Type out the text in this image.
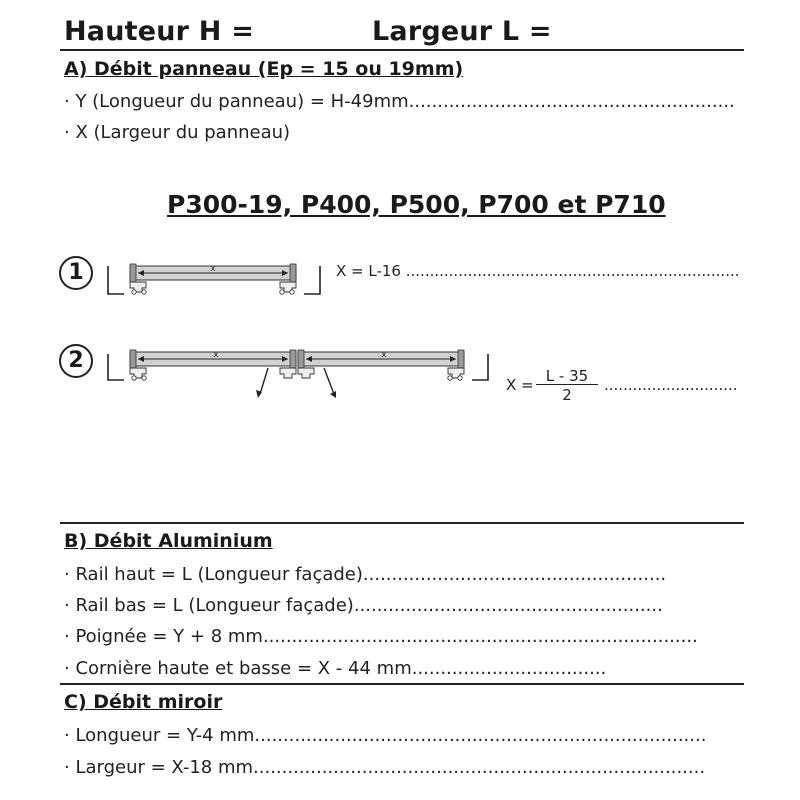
Hauteur H =	Largeur L =
A) Débit panneau (Ep = 15 ou 19mm)
· Y (Longueur du panneau) = H-49mm.........................................................
· X (Largeur du panneau)
P300-19, P400, P500, P700 et P710
1	x	X = L-16 ......................................................................
2	x	x
X = L - 35
2
............................
B) Débit Aluminium
· Rail haut = L (Longueur façade).....................................................
· Rail bas = L (Longueur façade)......................................................
· Poignée = Y + 8 mm............................................................................
· Cornière haute et basse = X - 44 mm..................................
C) Débit miroir
· Longueur = Y-4 mm...............................................................................
· Largeur = X-18 mm...............................................................................
